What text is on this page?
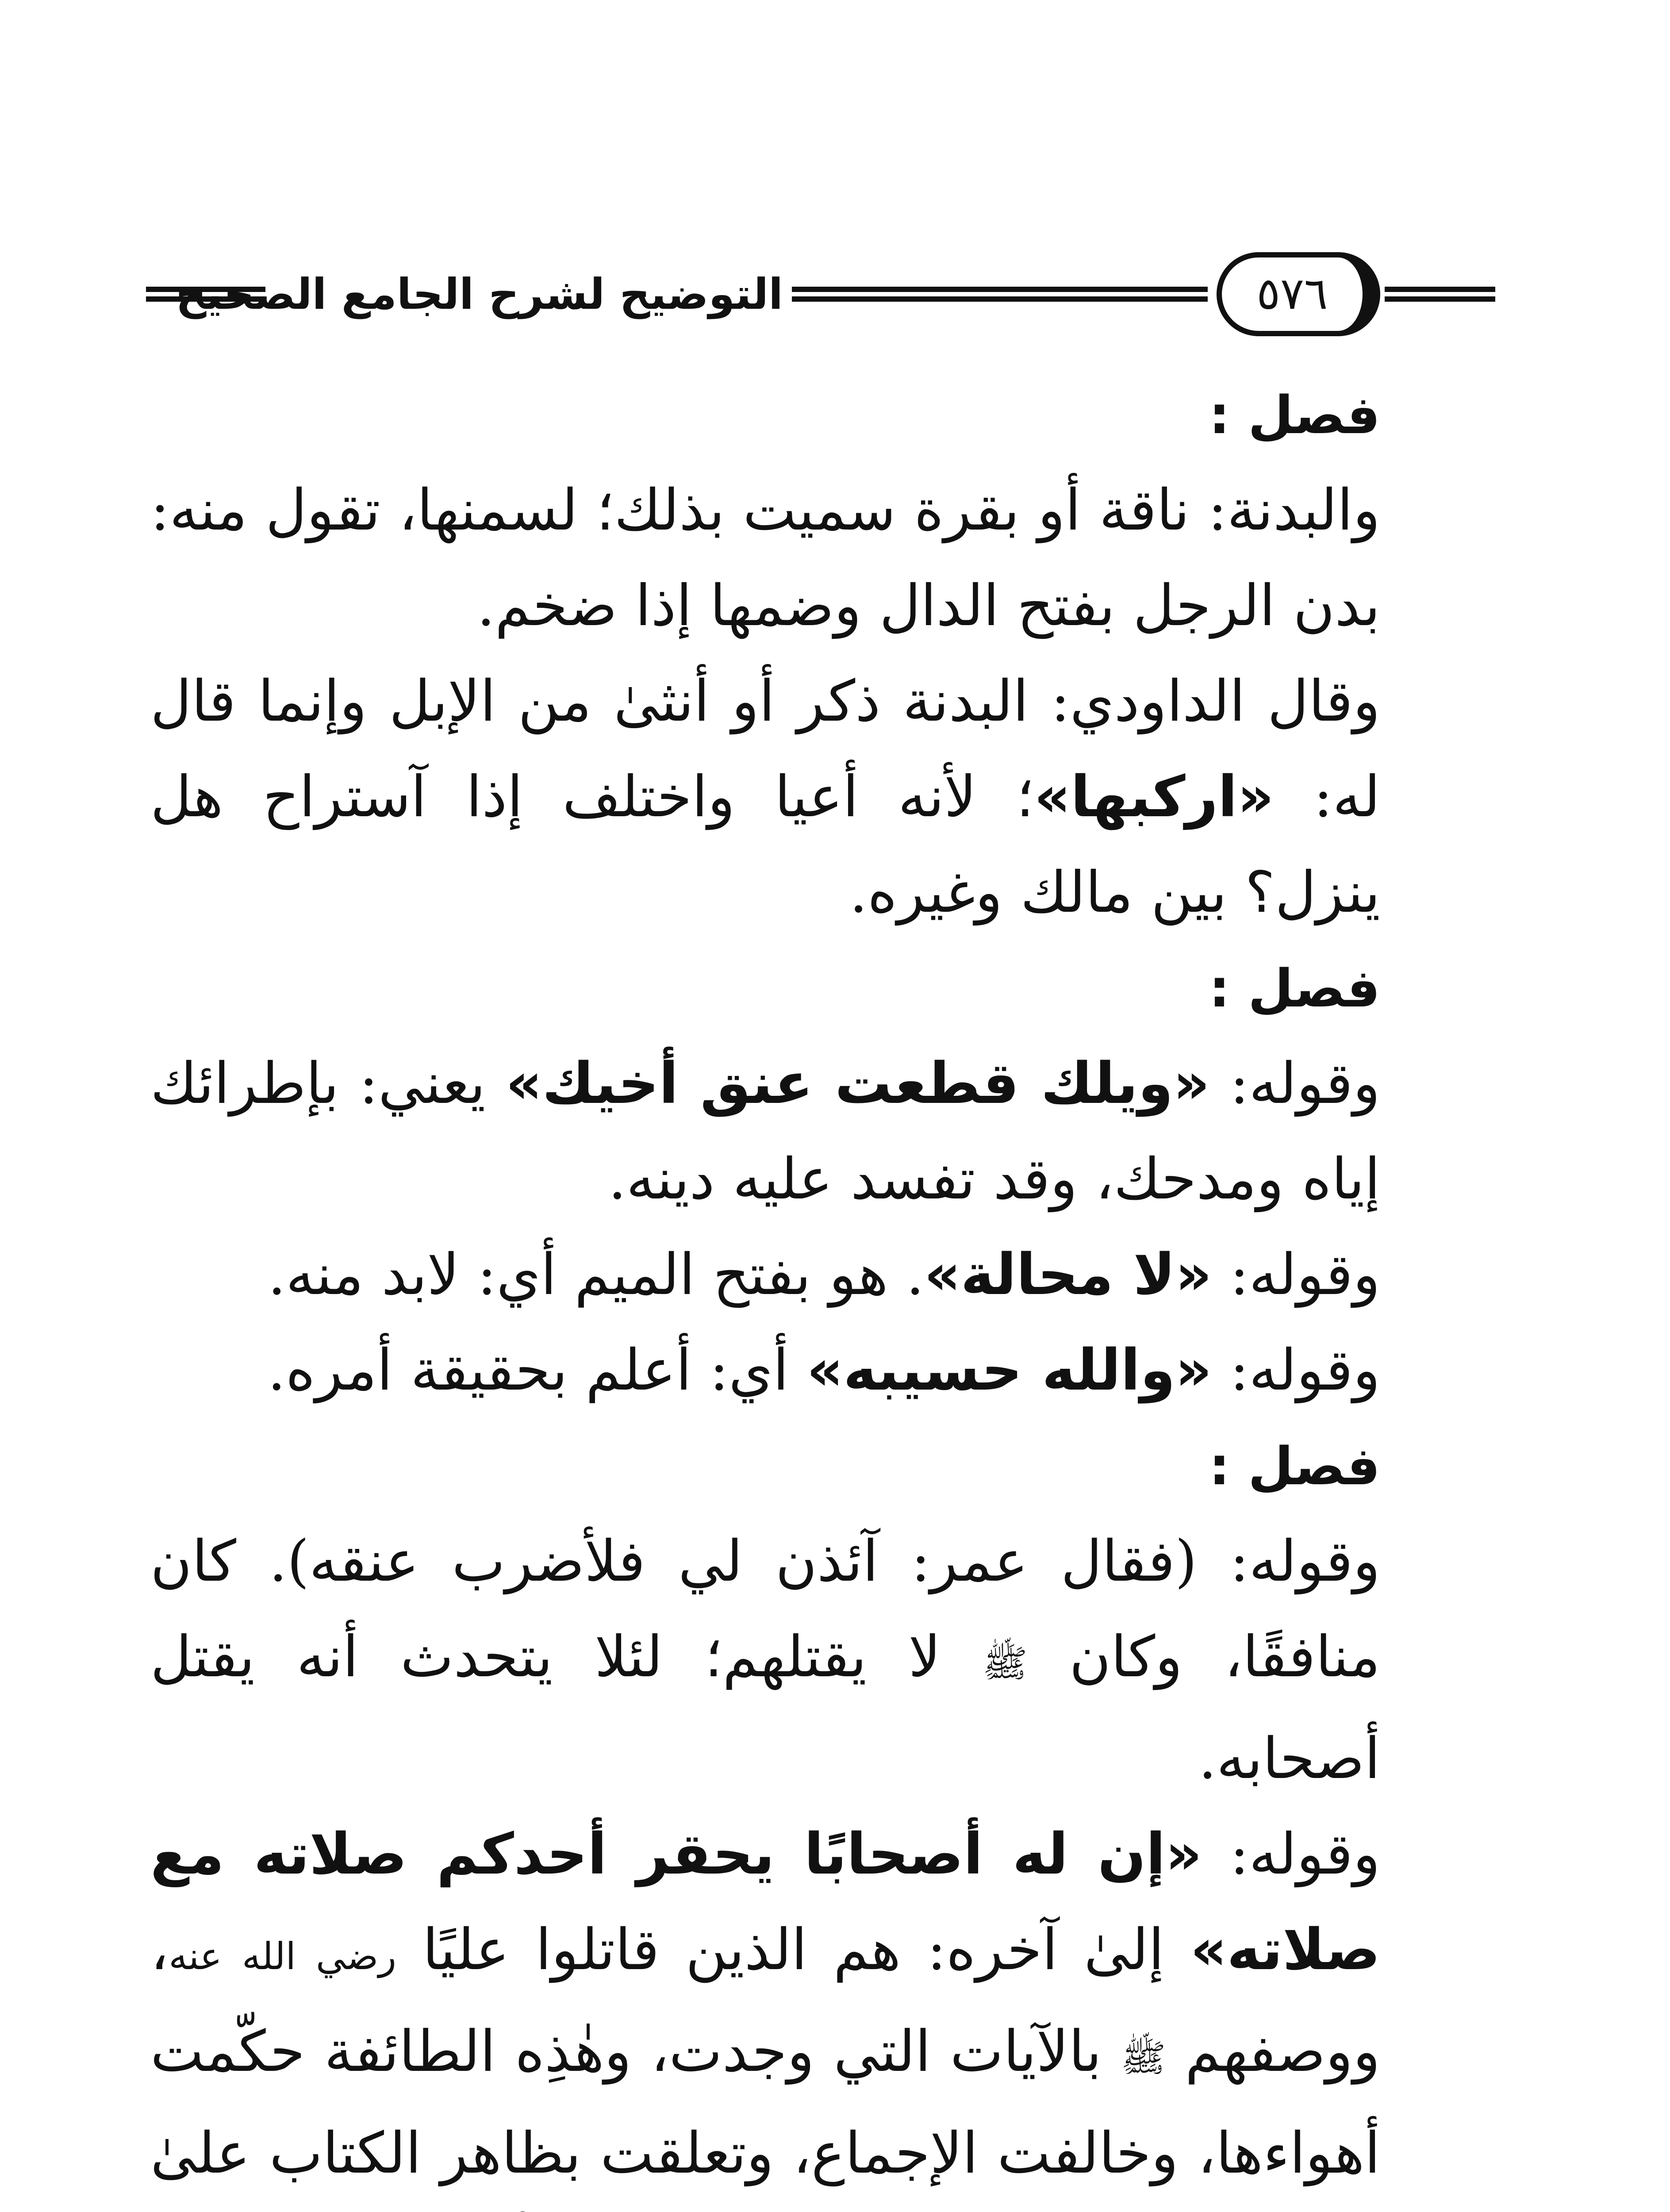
التوضيح لشرح الجامع الصحيح	٥٧٦

فصل :

والبدنة: ناقة أو بقرة سميت بذلك؛ لسمنها، تقول منه: بدن الرجل بفتح الدال وضمها إذا ضخم.

وقال الداودي: البدنة ذكر أو أنثىٰ من الإبل وإنما قال له: «اركبها»؛ لأنه أعيا واختلف إذا آستراح هل ينزل؟ بين مالك وغيره.

فصل :

وقوله: «ويلك قطعت عنق أخيك» يعني: بإطرائك إياه ومدحك، وقد تفسد عليه دينه.

وقوله: «لا محالة». هو بفتح الميم أي: لابد منه.

وقوله: «والله حسيبه» أي: أعلم بحقيقة أمره.

فصل :

وقوله: (فقال عمر: آئذن لي فلأضرب عنقه). كان منافقًا، وكان ﷺ لا يقتلهم؛ لئلا يتحدث أنه يقتل أصحابه.

وقوله: «إن له أصحابًا يحقر أحدكم صلاته مع صلاته» إلىٰ آخره: هم الذين قاتلوا عليًا رضي الله عنه، ووصفهم ﷺ بالآيات التي وجدت، وهٰذِه الطائفة حكّمت أهواءها، وخالفت الإجماع، وتعلقت بظاهر الكتاب علىٰ
